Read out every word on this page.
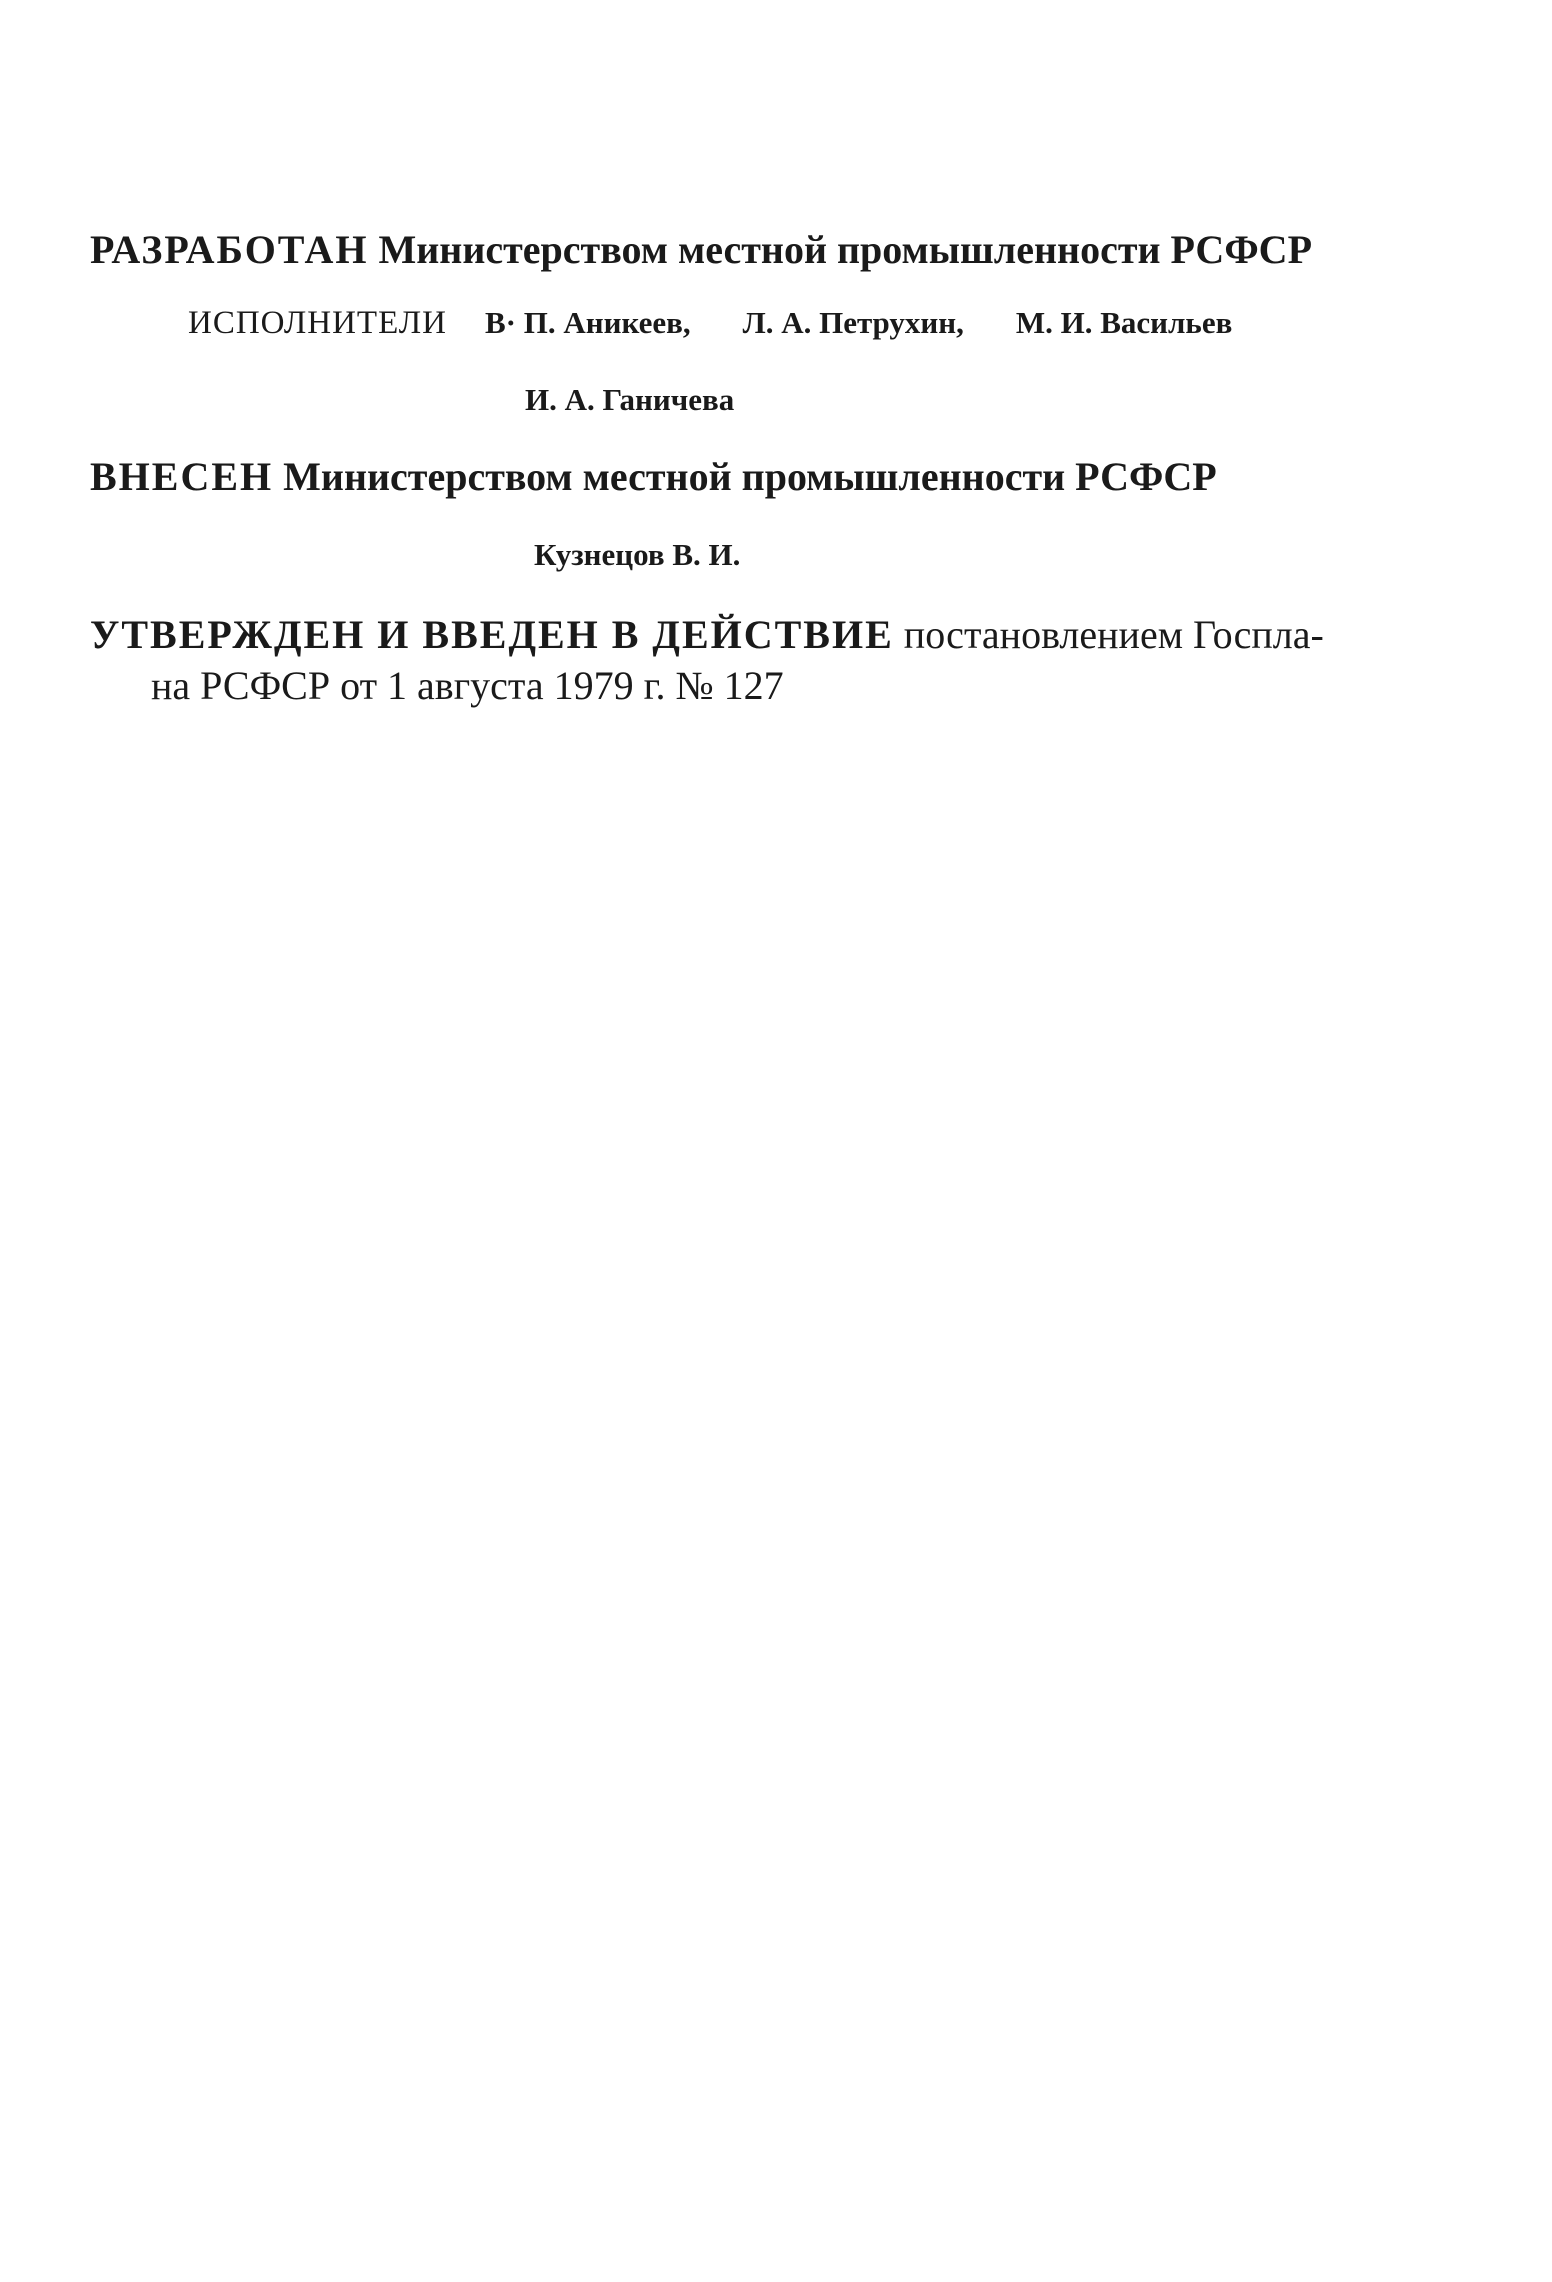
РАЗРАБОТАН Министерством местной промышленности РСФСР
ИСПОЛНИТЕЛИ В· П. Аникеев, Л. А. Петрухин, М. И. Васильев
И. А. Ганичева
ВНЕСЕН Министерством местной промышленности РСФСР
Кузнецов В. И.
УТВЕРЖДЕН И ВВЕДЕН В ДЕЙСТВИЕ постановлением Госпла-
на РСФСР от 1 августа 1979 г. № 127
